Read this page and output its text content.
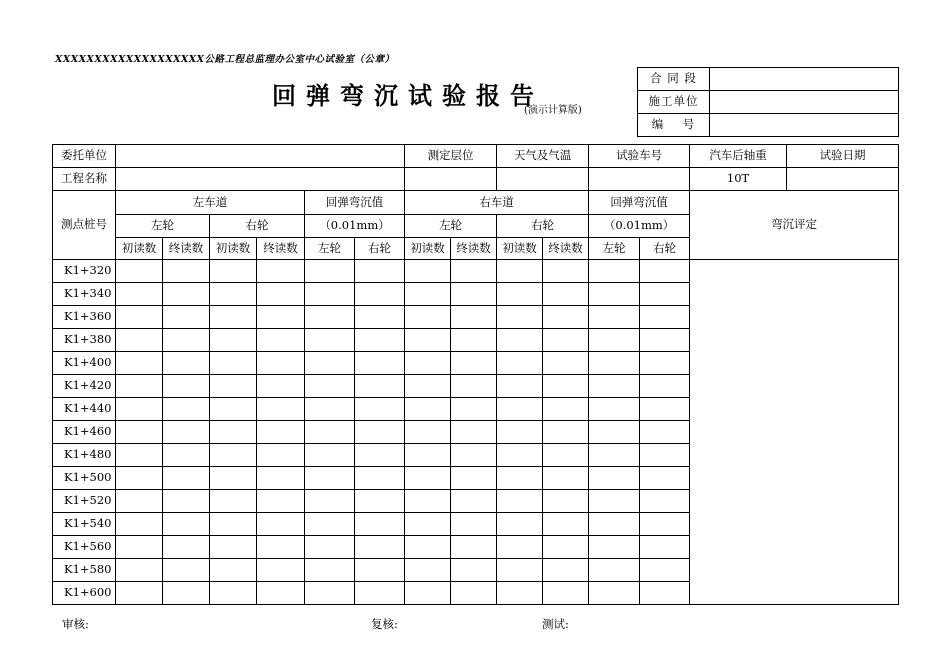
XXXXXXXXXXXXXXXXXXX公路工程总监理办公室中心试验室（公章）
回弹弯沉试验报告
(演示计算版)
合 同 段	
施工单位	
编    号	
委托单位							测定层位		天气及气温		试验车号		汽车后轴重	试验日期
工程名称													10T	
测点桩号	左车道				回弹弯沉值		右车道				回弹弯沉值		弯沉评定	
	左轮		右轮		（0.01mm）		左轮		右轮		（0.01mm）			
	初读数	终读数	初读数	终读数	左轮	右轮	初读数	终读数	初读数	终读数	左轮	右轮		
K1+320														
K1+340														
K1+360														
K1+380														
K1+400														
K1+420														
K1+440														
K1+460														
K1+480														
K1+500														
K1+520														
K1+540														
K1+560														
K1+580														
K1+600														
审核:	复核:	测试:
